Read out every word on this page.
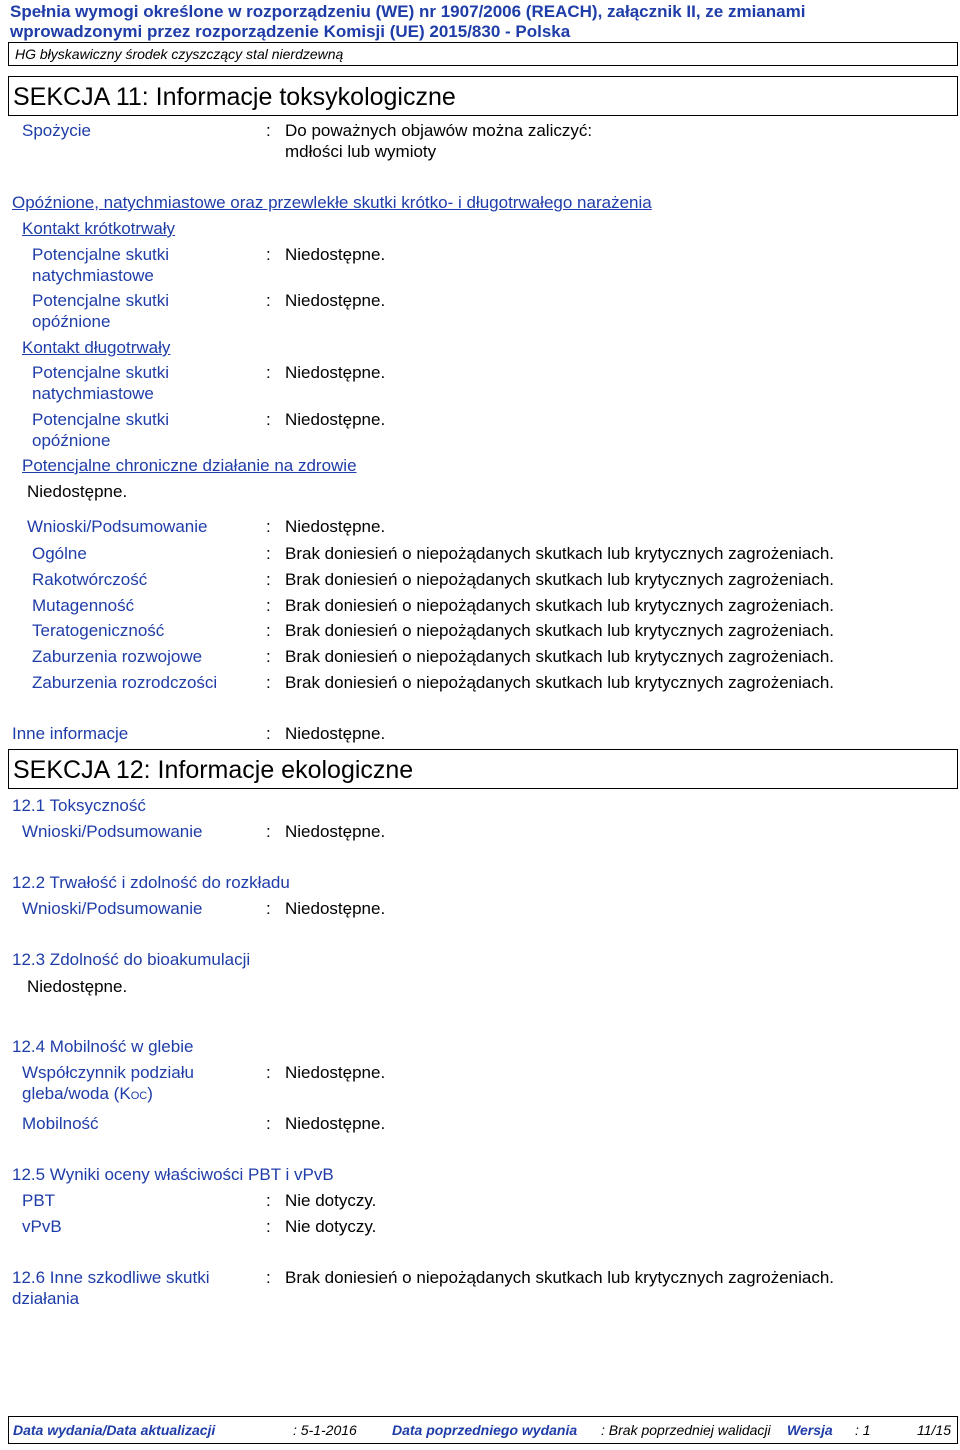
Spełnia wymogi określone w rozporządzeniu (WE) nr 1907/2006 (REACH), załącznik II, ze zmianami
wprowadzonymi przez rozporządzenie Komisji (UE) 2015/830 - Polska
HG błyskawiczny środek czyszczący stal nierdzewną
SEKCJA 11: Informacje toksykologiczne
Spożycie	: Do poważnych objawów można zaliczyć:
mdłości lub wymioty
Opóźnione, natychmiastowe oraz przewlekłe skutki krótko- i długotrwałego narażenia
Kontakt krótkotrwały
Potencjalne skutki
natychmiastowe
: Niedostępne.
Potencjalne skutki
opóźnione
: Niedostępne.
Kontakt długotrwały
Potencjalne skutki
natychmiastowe
: Niedostępne.
Potencjalne skutki
opóźnione
: Niedostępne.
Potencjalne chroniczne działanie na zdrowie
Niedostępne.
Wnioski/Podsumowanie	: Niedostępne.
Ogólne	: Brak doniesień o niepożądanych skutkach lub krytycznych zagrożeniach.
Rakotwórczość	: Brak doniesień o niepożądanych skutkach lub krytycznych zagrożeniach.
Mutagenność	: Brak doniesień o niepożądanych skutkach lub krytycznych zagrożeniach.
Teratogeniczność	: Brak doniesień o niepożądanych skutkach lub krytycznych zagrożeniach.
Zaburzenia rozwojowe	: Brak doniesień o niepożądanych skutkach lub krytycznych zagrożeniach.
Zaburzenia rozrodczości	: Brak doniesień o niepożądanych skutkach lub krytycznych zagrożeniach.
Inne informacje	: Niedostępne.
SEKCJA 12: Informacje ekologiczne
12.1 Toksyczność
Wnioski/Podsumowanie	: Niedostępne.
12.2 Trwałość i zdolność do rozkładu
Wnioski/Podsumowanie	: Niedostępne.
12.3 Zdolność do bioakumulacji
Niedostępne.
12.4 Mobilność w glebie
Współczynnik podziału
gleba/woda (KOC)
: Niedostępne.
Mobilność	: Niedostępne.
12.5 Wyniki oceny właściwości PBT i vPvB
PBT	: Nie dotyczy.
vPvB	: Nie dotyczy.
12.6 Inne szkodliwe skutki
działania
: Brak doniesień o niepożądanych skutkach lub krytycznych zagrożeniach.
Data wydania/Data aktualizacji	: 5-1-2016	Data poprzedniego wydania : Brak poprzedniej walidacji Wersja : 1	11/15
